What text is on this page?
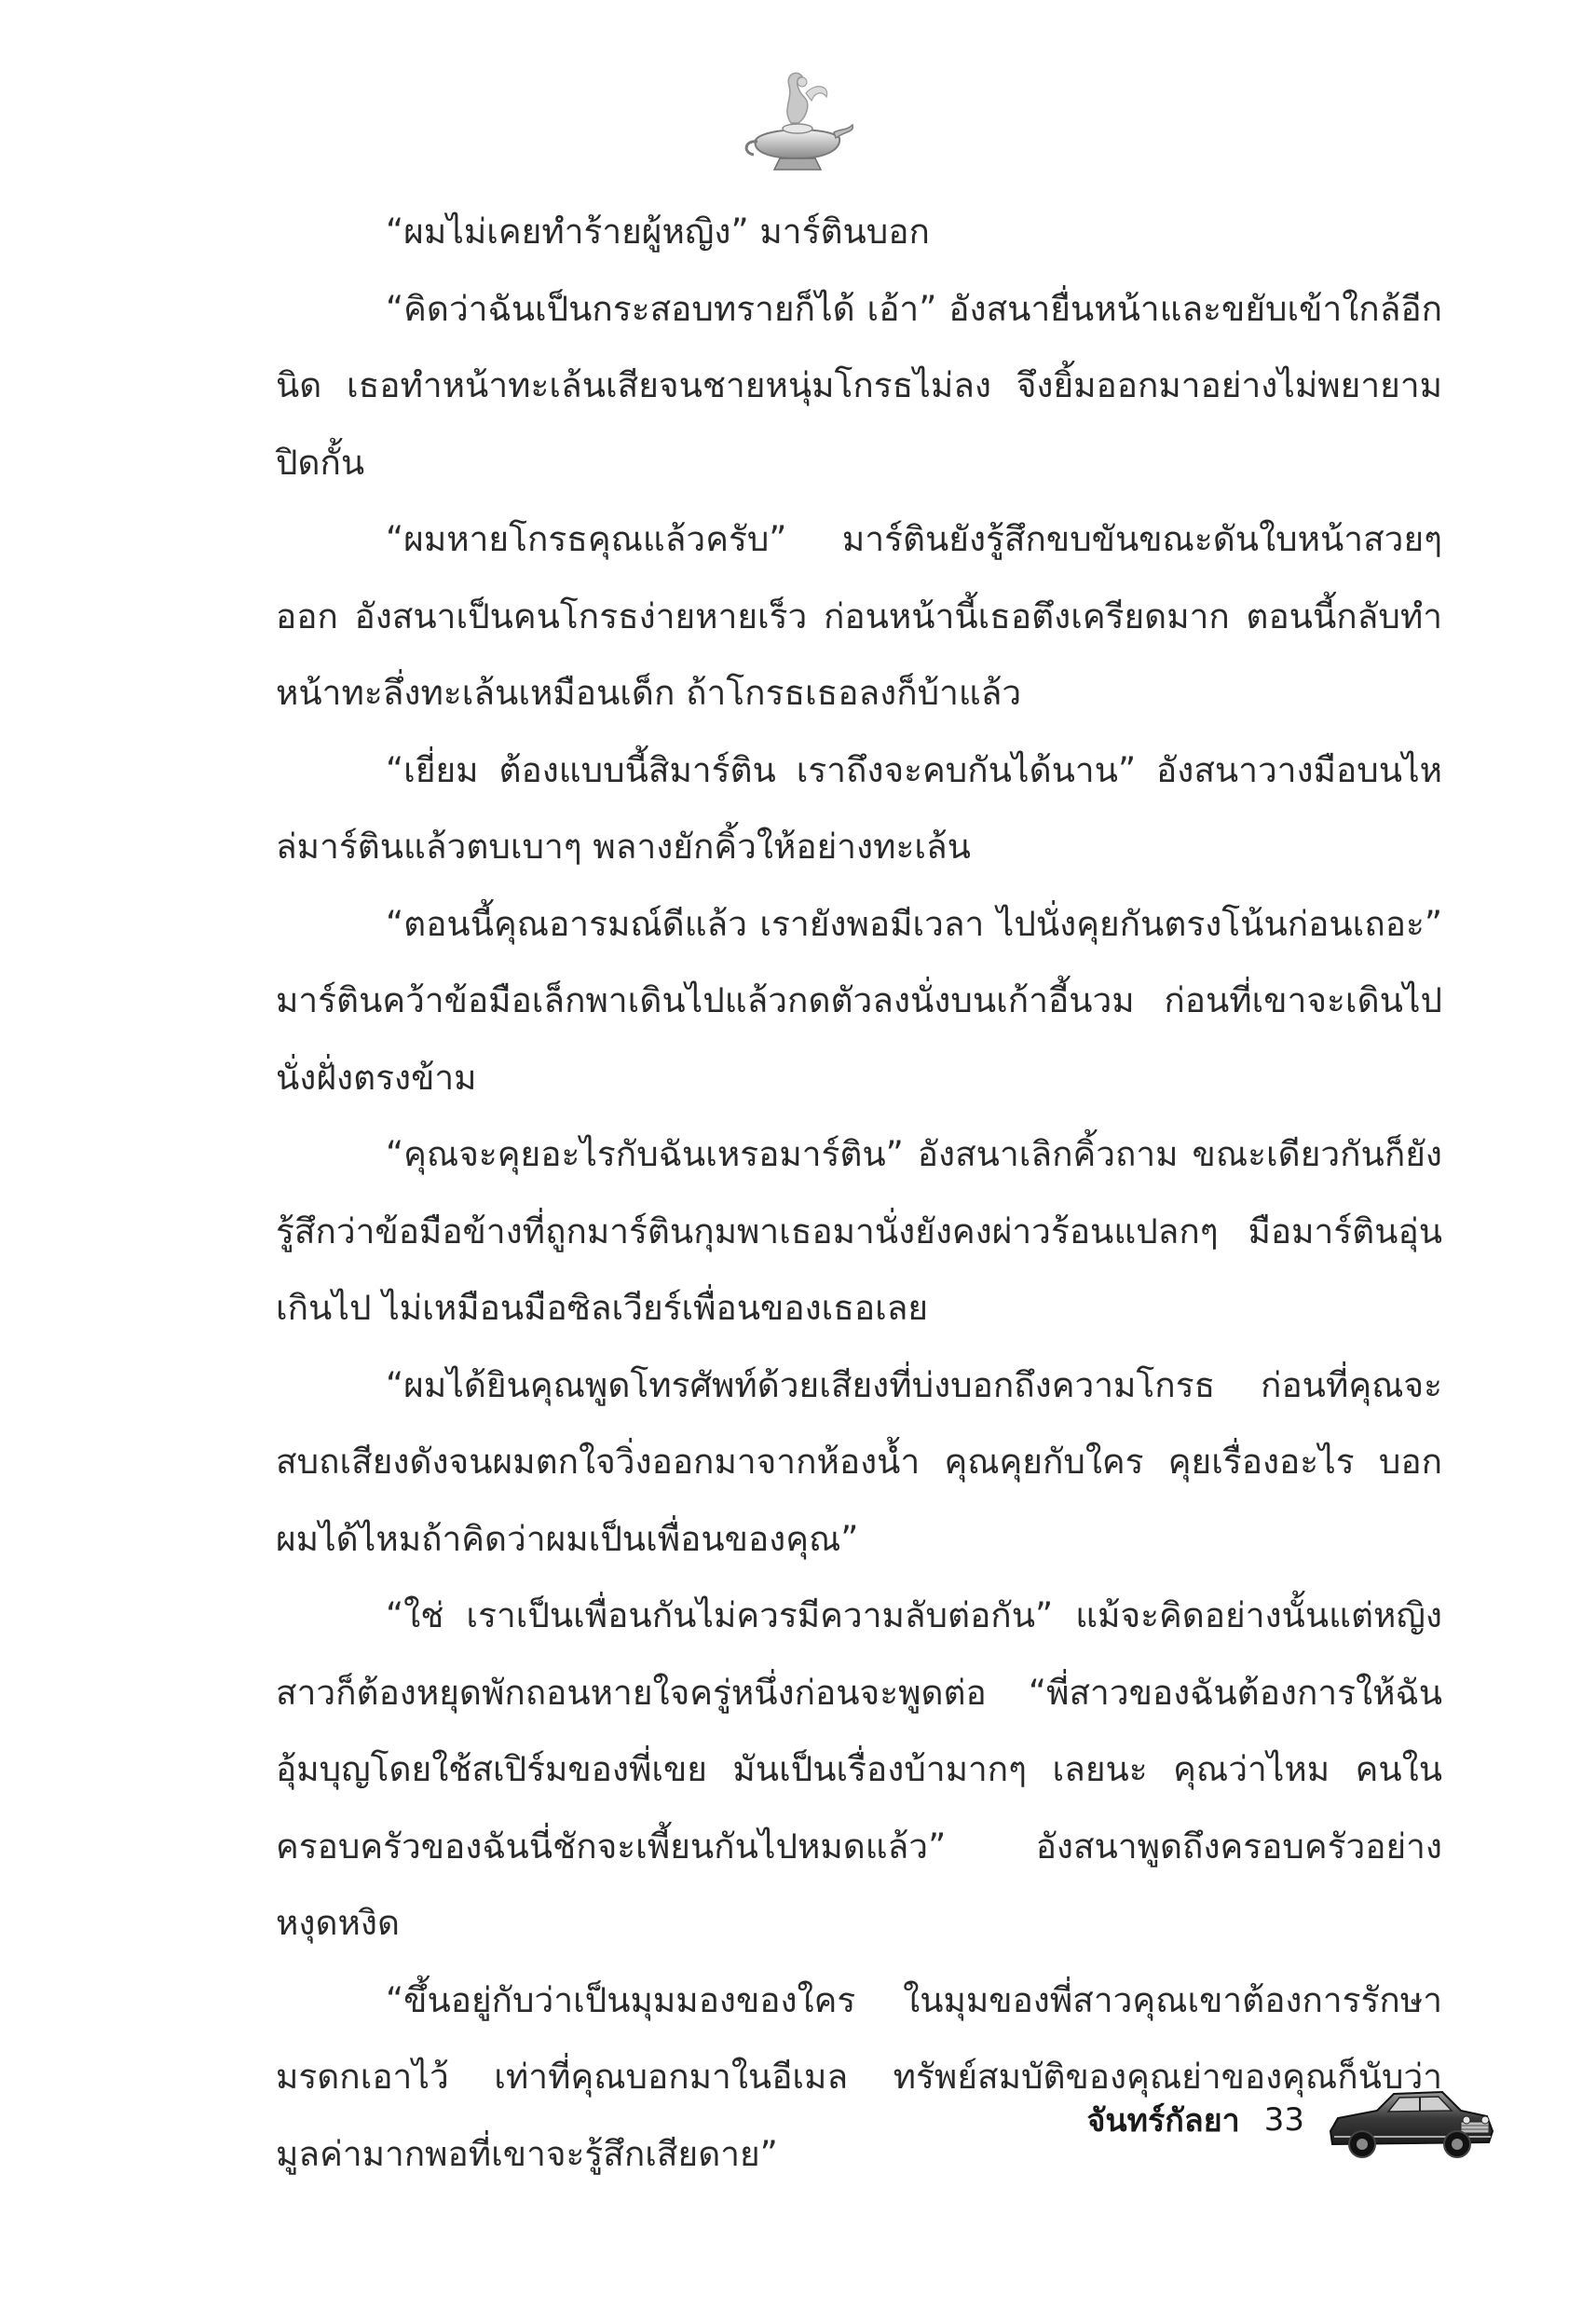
“ผมไม่เคยทำร้ายผู้หญิง” มาร์ตินบอก

“คิดว่าฉันเป็นกระสอบทรายก็ได้ เอ้า” อังสนายื่นหน้าและขยับเข้าใกล้อีกนิด เธอทำหน้าทะเล้นเสียจนชายหนุ่มโกรธไม่ลง จึงยิ้มออกมาอย่างไม่พยายามปิดกั้น

“ผมหายโกรธคุณแล้วครับ” มาร์ตินยังรู้สึกขบขันขณะดันใบหน้าสวยๆ ออก อังสนาเป็นคนโกรธง่ายหายเร็ว ก่อนหน้านี้เธอตึงเครียดมาก ตอนนี้กลับทำหน้าทะลึ่งทะเล้นเหมือนเด็ก ถ้าโกรธเธอลงก็บ้าแล้ว

“เยี่ยม ต้องแบบนี้สิมาร์ติน เราถึงจะคบกันได้นาน” อังสนาวางมือบนไหล่มาร์ตินแล้วตบเบาๆ พลางยักคิ้วให้อย่างทะเล้น

“ตอนนี้คุณอารมณ์ดีแล้ว เรายังพอมีเวลา ไปนั่งคุยกันตรงโน้นก่อนเถอะ” มาร์ตินคว้าข้อมือเล็กพาเดินไปแล้วกดตัวลงนั่งบนเก้าอี้นวม ก่อนที่เขาจะเดินไปนั่งฝั่งตรงข้าม

“คุณจะคุยอะไรกับฉันเหรอมาร์ติน” อังสนาเลิกคิ้วถาม ขณะเดียวกันก็ยังรู้สึกว่าข้อมือข้างที่ถูกมาร์ตินกุมพาเธอมานั่งยังคงผ่าวร้อนแปลกๆ มือมาร์ตินอุ่นเกินไป ไม่เหมือนมือซิลเวียร์เพื่อนของเธอเลย

“ผมได้ยินคุณพูดโทรศัพท์ด้วยเสียงที่บ่งบอกถึงความโกรธ ก่อนที่คุณจะสบถเสียงดังจนผมตกใจวิ่งออกมาจากห้องน้ำ คุณคุยกับใคร คุยเรื่องอะไร บอกผมได้ไหมถ้าคิดว่าผมเป็นเพื่อนของคุณ”

“ใช่ เราเป็นเพื่อนกันไม่ควรมีความลับต่อกัน” แม้จะคิดอย่างนั้นแต่หญิงสาวก็ต้องหยุดพักถอนหายใจครู่หนึ่งก่อนจะพูดต่อ “พี่สาวของฉันต้องการให้ฉันอุ้มบุญโดยใช้สเปิร์มของพี่เขย มันเป็นเรื่องบ้ามากๆ เลยนะ คุณว่าไหม คนในครอบครัวของฉันนี่ชักจะเพี้ยนกันไปหมดแล้ว” อังสนาพูดถึงครอบครัวอย่างหงุดหงิด

“ขึ้นอยู่กับว่าเป็นมุมมองของใคร ในมุมของพี่สาวคุณเขาต้องการรักษามรดกเอาไว้ เท่าที่คุณบอกมาในอีเมล ทรัพย์สมบัติของคุณย่าของคุณก็นับว่ามูลค่ามากพอที่เขาจะรู้สึกเสียดาย”

จันทร์กัลยา 33
